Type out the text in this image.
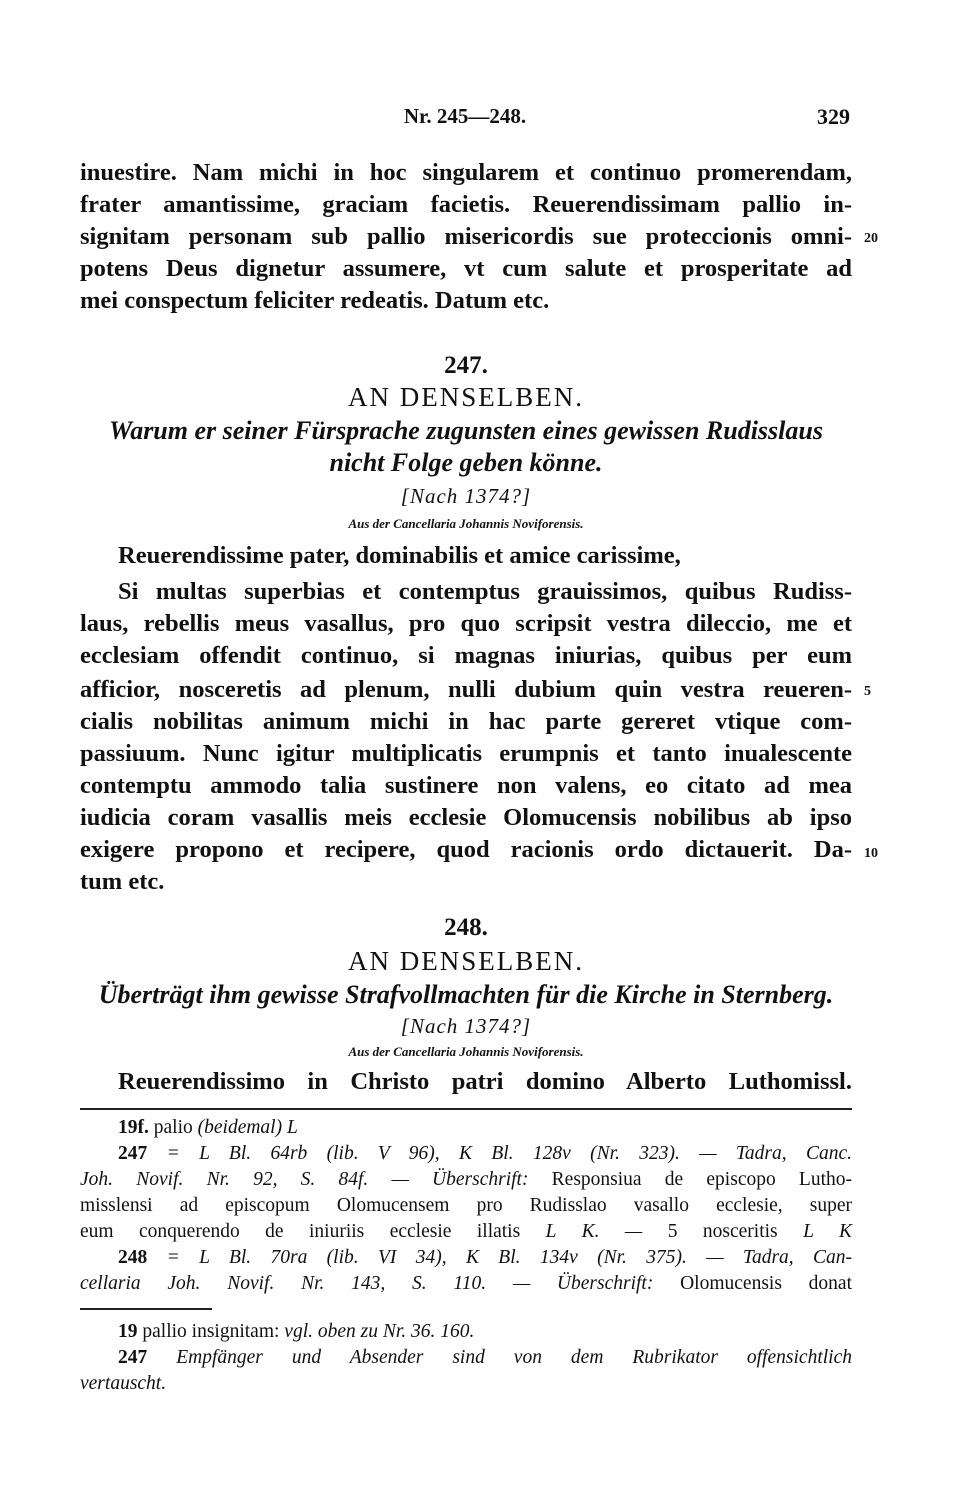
Nr. 245—248.	329
inuestire. Nam michi in hoc singularem et continuo promerendam,
frater amantissime, graciam facietis. Reuerendissimam pallio in-
signitam personam sub pallio misericordis sue proteccionis omni- 20
potens Deus dignetur assumere, vt cum salute et prosperitate ad
mei conspectum feliciter redeatis. Datum etc.
247.
AN DENSELBEN.
Warum er seiner Fürsprache zugunsten eines gewissen Rudisslaus
nicht Folge geben könne.
[Nach 1374?]
Aus der Cancellaria Johannis Noviforensis.
Reuerendissime pater, dominabilis et amice carissime,
Si multas superbias et contemptus grauissimos, quibus Rudiss-
laus, rebellis meus vasallus, pro quo scripsit vestra dileccio, me et
ecclesiam offendit continuo, si magnas iniurias, quibus per eum
afficior, nosceretis ad plenum, nulli dubium quin vestra reueren- 5
cialis nobilitas animum michi in hac parte gereret vtique com-
passiuum. Nunc igitur multiplicatis erumpnis et tanto inualescente
contemptu ammodo talia sustinere non valens, eo citato ad mea
iudicia coram vasallis meis ecclesie Olomucensis nobilibus ab ipso
exigere propono et recipere, quod racionis ordo dictauerit. Da- 10
tum etc.
248.
AN DENSELBEN.
Überträgt ihm gewisse Strafvollmachten für die Kirche in Sternberg.
[Nach 1374?]
Aus der Cancellaria Johannis Noviforensis.
Reuerendissimo in Christo patri domino Alberto Luthomissl.
19f. palio (beidemal) L
247 = L Bl. 64rb (lib. V 96), K Bl. 128v (Nr. 323). — Tadra, Canc.
Joh. Novif. Nr. 92, S. 84f. — Überschrift: Responsiua de episcopo Lutho-
misslensi ad episcopum Olomucensem pro Rudisslao vasallo ecclesie, super
eum conquerendo de iniuriis ecclesie illatis L K. — 5 nosceritis L K
248 = L Bl. 70ra (lib. VI 34), K Bl. 134v (Nr. 375). — Tadra, Can-
cellaria Joh. Novif. Nr. 143, S. 110. — Überschrift: Olomucensis donat
19 pallio insignitam: vgl. oben zu Nr. 36. 160.
247 Empfänger und Absender sind von dem Rubrikator offensichtlich
vertauscht.
